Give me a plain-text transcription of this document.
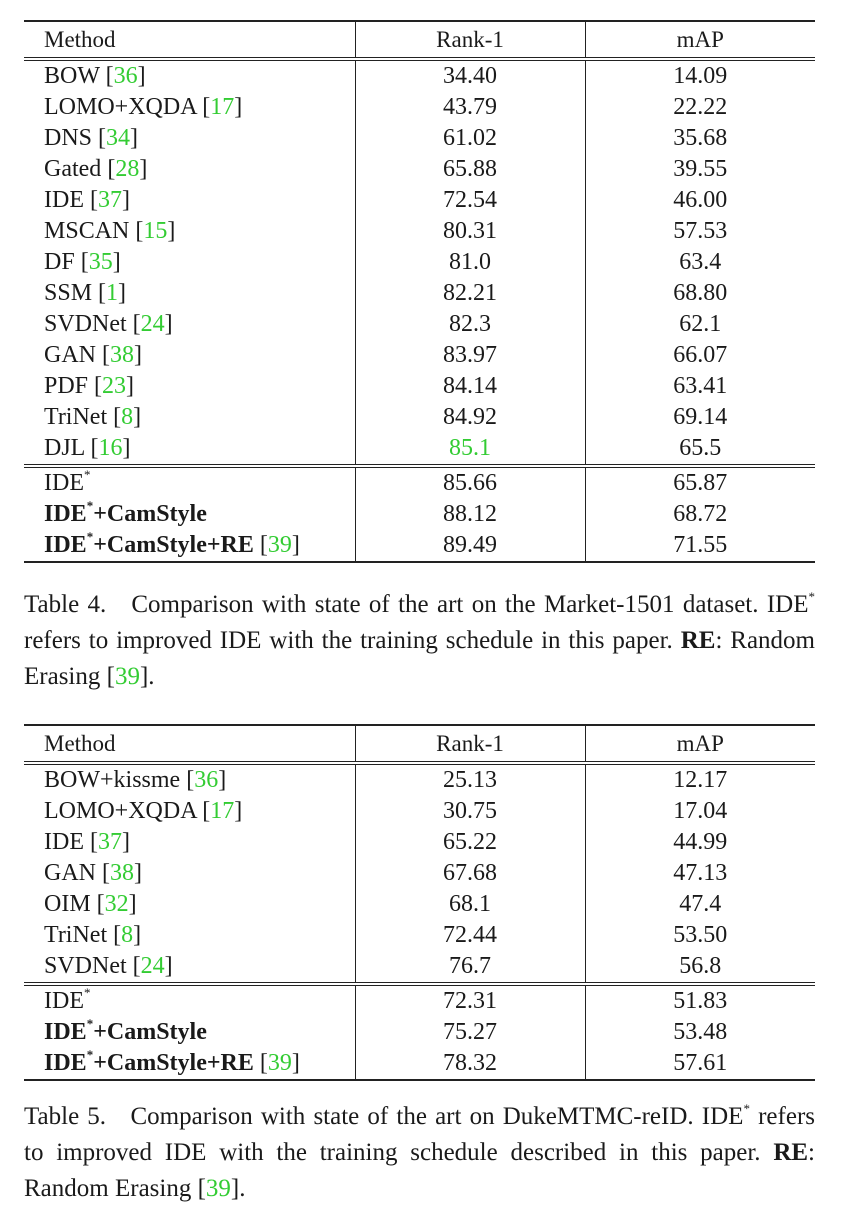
Method	Rank-1	mAP
BOW [36]	34.40	14.09
LOMO+XQDA [17]	43.79	22.22
DNS [34]	61.02	35.68
Gated [28]	65.88	39.55
IDE [37]	72.54	46.00
MSCAN [15]	80.31	57.53
DF [35]	81.0	63.4
SSM [1]	82.21	68.80
SVDNet [24]	82.3	62.1
GAN [38]	83.97	66.07
PDF [23]	84.14	63.41
TriNet [8]	84.92	69.14
DJL [16]	85.1	65.5
IDE*	85.66	65.87
IDE*+CamStyle	88.12	68.72
IDE*+CamStyle+RE [39]	89.49	71.55
Table 4. Comparison with state of the art on the Market-1501 dataset. IDE* refers to improved IDE with the training schedule in this paper. RE: Random Erasing [39].
Method	Rank-1	mAP
BOW+kissme [36]	25.13	12.17
LOMO+XQDA [17]	30.75	17.04
IDE [37]	65.22	44.99
GAN [38]	67.68	47.13
OIM [32]	68.1	47.4
TriNet [8]	72.44	53.50
SVDNet [24]	76.7	56.8
IDE*	72.31	51.83
IDE*+CamStyle	75.27	53.48
IDE*+CamStyle+RE [39]	78.32	57.61
Table 5. Comparison with state of the art on DukeMTMC-reID. IDE* refers to improved IDE with the training schedule described in this paper. RE: Random Erasing [39].
